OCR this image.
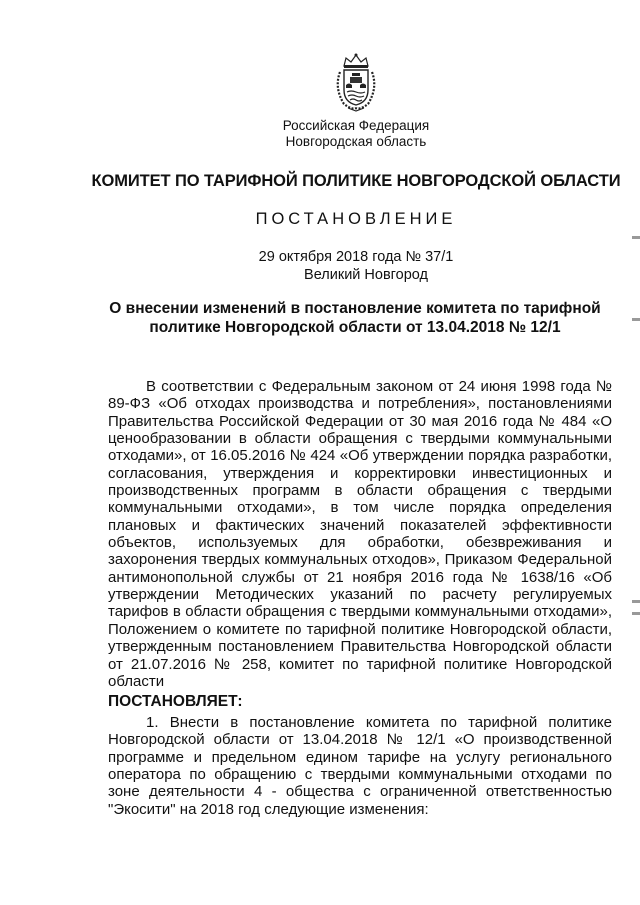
Российская Федерация
Новгородская область
КОМИТЕТ ПО ТАРИФНОЙ ПОЛИТИКЕ НОВГОРОДСКОЙ ОБЛАСТИ
ПОСТАНОВЛЕНИЕ
29 октября 2018 года № 37/1
Великий Новгород
О внесении изменений в постановление комитета по тарифной политике Новгородской области от 13.04.2018 № 12/1

В соответствии с Федеральным законом от 24 июня 1998 года № 89-ФЗ «Об отходах производства и потребления», постановлениями Правительства Российской Федерации от 30 мая 2016 года № 484 «О ценообразовании в области обращения с твердыми коммунальными отходами», от 16.05.2016 № 424 «Об утверждении порядка разработки, согласования, утверждения и корректировки инвестиционных и производственных программ в области обращения с твердыми коммунальными отходами», в том числе порядка определения плановых и фактических значений показателей эффективности объектов, используемых для обработки, обезвреживания и захоронения твердых коммунальных отходов», Приказом Федеральной антимонопольной службы от 21 ноября 2016 года № 1638/16 «Об утверждении Методических указаний по расчету регулируемых тарифов в области обращения с твердыми коммунальными отходами», Положением о комитете по тарифной политике Новгородской области, утвержденным постановлением Правительства Новгородской области от 21.07.2016 № 258, комитет по тарифной политике Новгородской области

ПОСТАНОВЛЯЕТ:

1. Внести в постановление комитета по тарифной политике Новгородской области от 13.04.2018 № 12/1 «О производственной программе и предельном едином тарифе на услугу регионального оператора по обращению с твердыми коммунальными отходами по зоне деятельности 4 - общества с ограниченной ответственностью "Экосити" на 2018 год следующие изменения:
